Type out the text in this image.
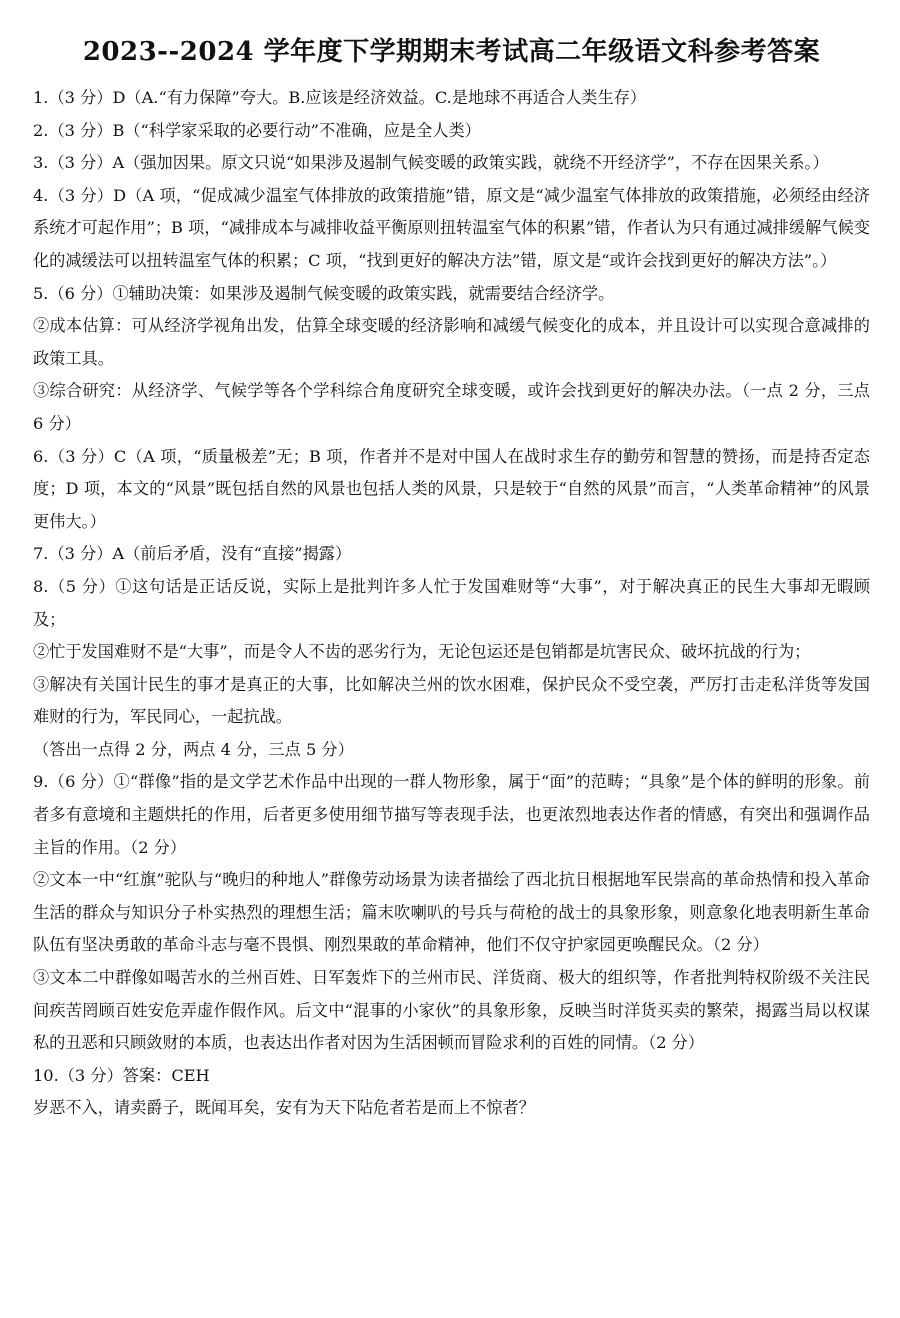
2023--2024 学年度下学期期末考试高二年级语文科参考答案

1.（3 分）D（A.“有力保障”夸大。B.应该是经济效益。C.是地球不再适合人类生存）

2.（3 分）B（“科学家采取的必要行动”不准确，应是全人类）

3.（3 分）A（强加因果。原文只说“如果涉及遏制气候变暖的政策实践，就绕不开经济学”，不存在因果关系。）

4.（3 分）D（A 项，“促成减少温室气体排放的政策措施”错，原文是“减少温室气体排放的政策措施，必须经由经济系统才可起作用”；B 项，“减排成本与减排收益平衡原则扭转温室气体的积累”错，作者认为只有通过减排缓解气候变化的减缓法可以扭转温室气体的积累；C 项，“找到更好的解决方法”错，原文是“或许会找到更好的解决方法”。）

5.（6 分）①辅助决策：如果涉及遏制气候变暖的政策实践，就需要结合经济学。

②成本估算：可从经济学视角出发，估算全球变暖的经济影响和减缓气候变化的成本，并且设计可以实现合意减排的政策工具。

③综合研究：从经济学、气候学等各个学科综合角度研究全球变暖，或许会找到更好的解决办法。（一点 2 分，三点 6 分）

6.（3 分）C（A 项，“质量极差”无；B 项，作者并不是对中国人在战时求生存的勤劳和智慧的赞扬，而是持否定态度；D 项，本文的“风景”既包括自然的风景也包括人类的风景，只是较于“自然的风景”而言，“人类革命精神”的风景更伟大。）

7.（3 分）A（前后矛盾，没有“直接”揭露）

8.（5 分）①这句话是正话反说，实际上是批判许多人忙于发国难财等“大事”，对于解决真正的民生大事却无暇顾及；

②忙于发国难财不是“大事”，而是令人不齿的恶劣行为，无论包运还是包销都是坑害民众、破坏抗战的行为；

③解决有关国计民生的事才是真正的大事，比如解决兰州的饮水困难，保护民众不受空袭，严厉打击走私洋货等发国难财的行为，军民同心，一起抗战。

（答出一点得 2 分，两点 4 分，三点 5 分）

9.（6 分）①“群像”指的是文学艺术作品中出现的一群人物形象，属于“面”的范畴；“具象”是个体的鲜明的形象。前者多有意境和主题烘托的作用，后者更多使用细节描写等表现手法，也更浓烈地表达作者的情感，有突出和强调作品主旨的作用。（2 分）

②文本一中“红旗”驼队与“晚归的种地人”群像劳动场景为读者描绘了西北抗日根据地军民崇高的革命热情和投入革命生活的群众与知识分子朴实热烈的理想生活；篇末吹喇叭的号兵与荷枪的战士的具象形象，则意象化地表明新生革命队伍有坚决勇敢的革命斗志与毫不畏惧、刚烈果敢的革命精神，他们不仅守护家园更唤醒民众。（2 分）

③文本二中群像如喝苦水的兰州百姓、日军轰炸下的兰州市民、洋货商、极大的组织等，作者批判特权阶级不关注民间疾苦罔顾百姓安危弄虚作假作风。后文中“混事的小家伙”的具象形象，反映当时洋货买卖的繁荣，揭露当局以权谋私的丑恶和只顾敛财的本质，也表达出作者对因为生活困顿而冒险求利的百姓的同情。（2 分）

10.（3 分）答案：CEH

岁恶不入，请卖爵子，既闻耳矣，安有为天下阽危者若是而上不惊者？
